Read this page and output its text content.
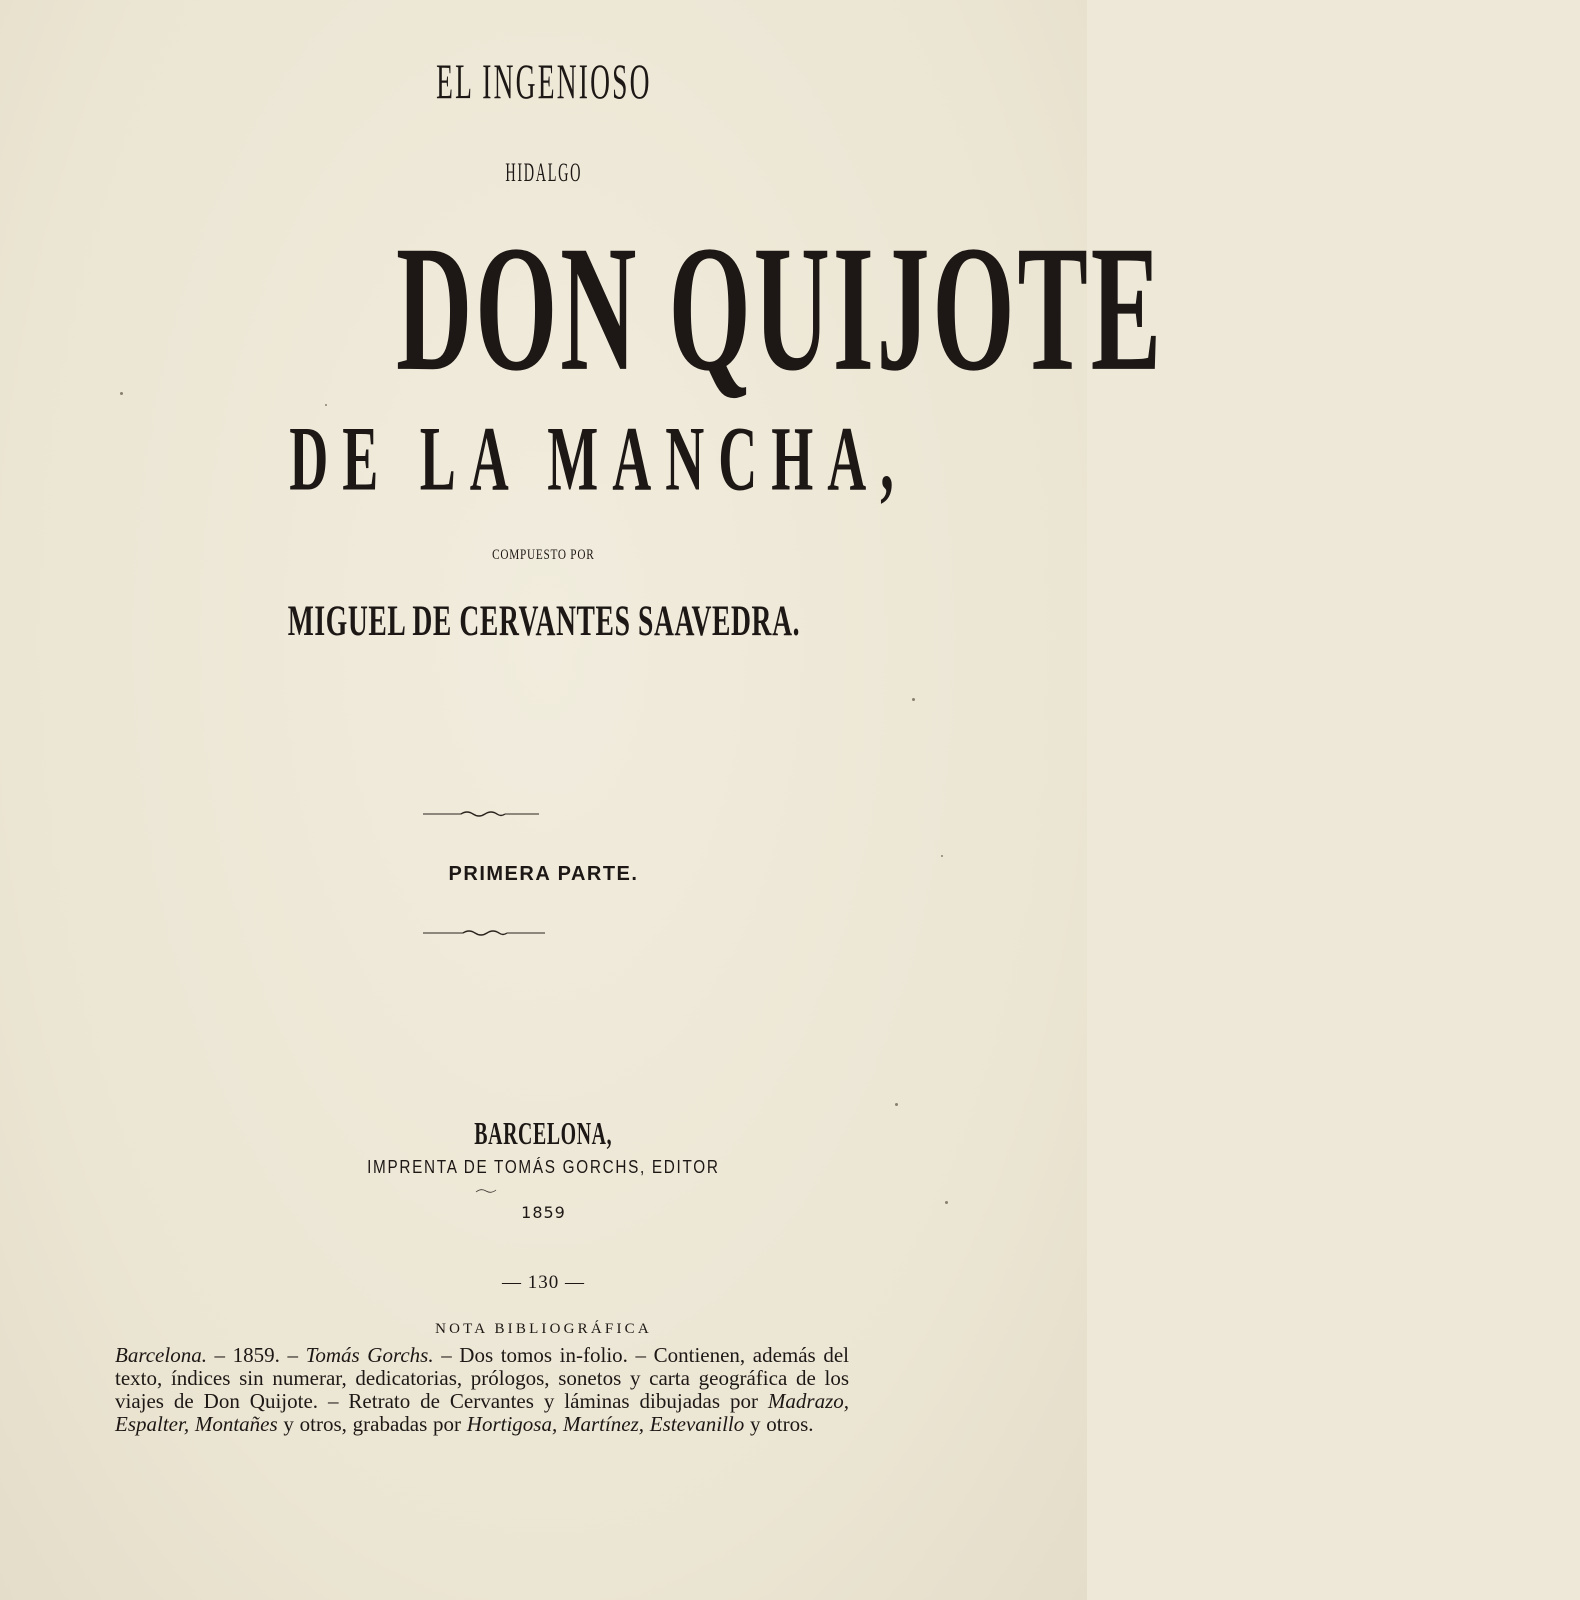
EL INGENIOSO
HIDALGO
DON QUIJOTE
DE LA MANCHA,
COMPUESTO POR
MIGUEL DE CERVANTES SAAVEDRA.
PRIMERA PARTE.
BARCELONA,
IMPRENTA DE TOMÁS GORCHS, EDITOR
1859
— 130 —
NOTA BIBLIOGRÁFICA
Barcelona. – 1859. – Tomás Gorchs. – Dos tomos in-folio. – Contienen, además del texto, índices sin numerar, dedicatorias, prólogos, sonetos y carta geográfica de los viajes de Don Quijote. – Retrato de Cervantes y láminas dibujadas por Madrazo, Espalter, Montañes y otros, grabadas por Hortigosa, Martínez, Estevanillo y otros.
